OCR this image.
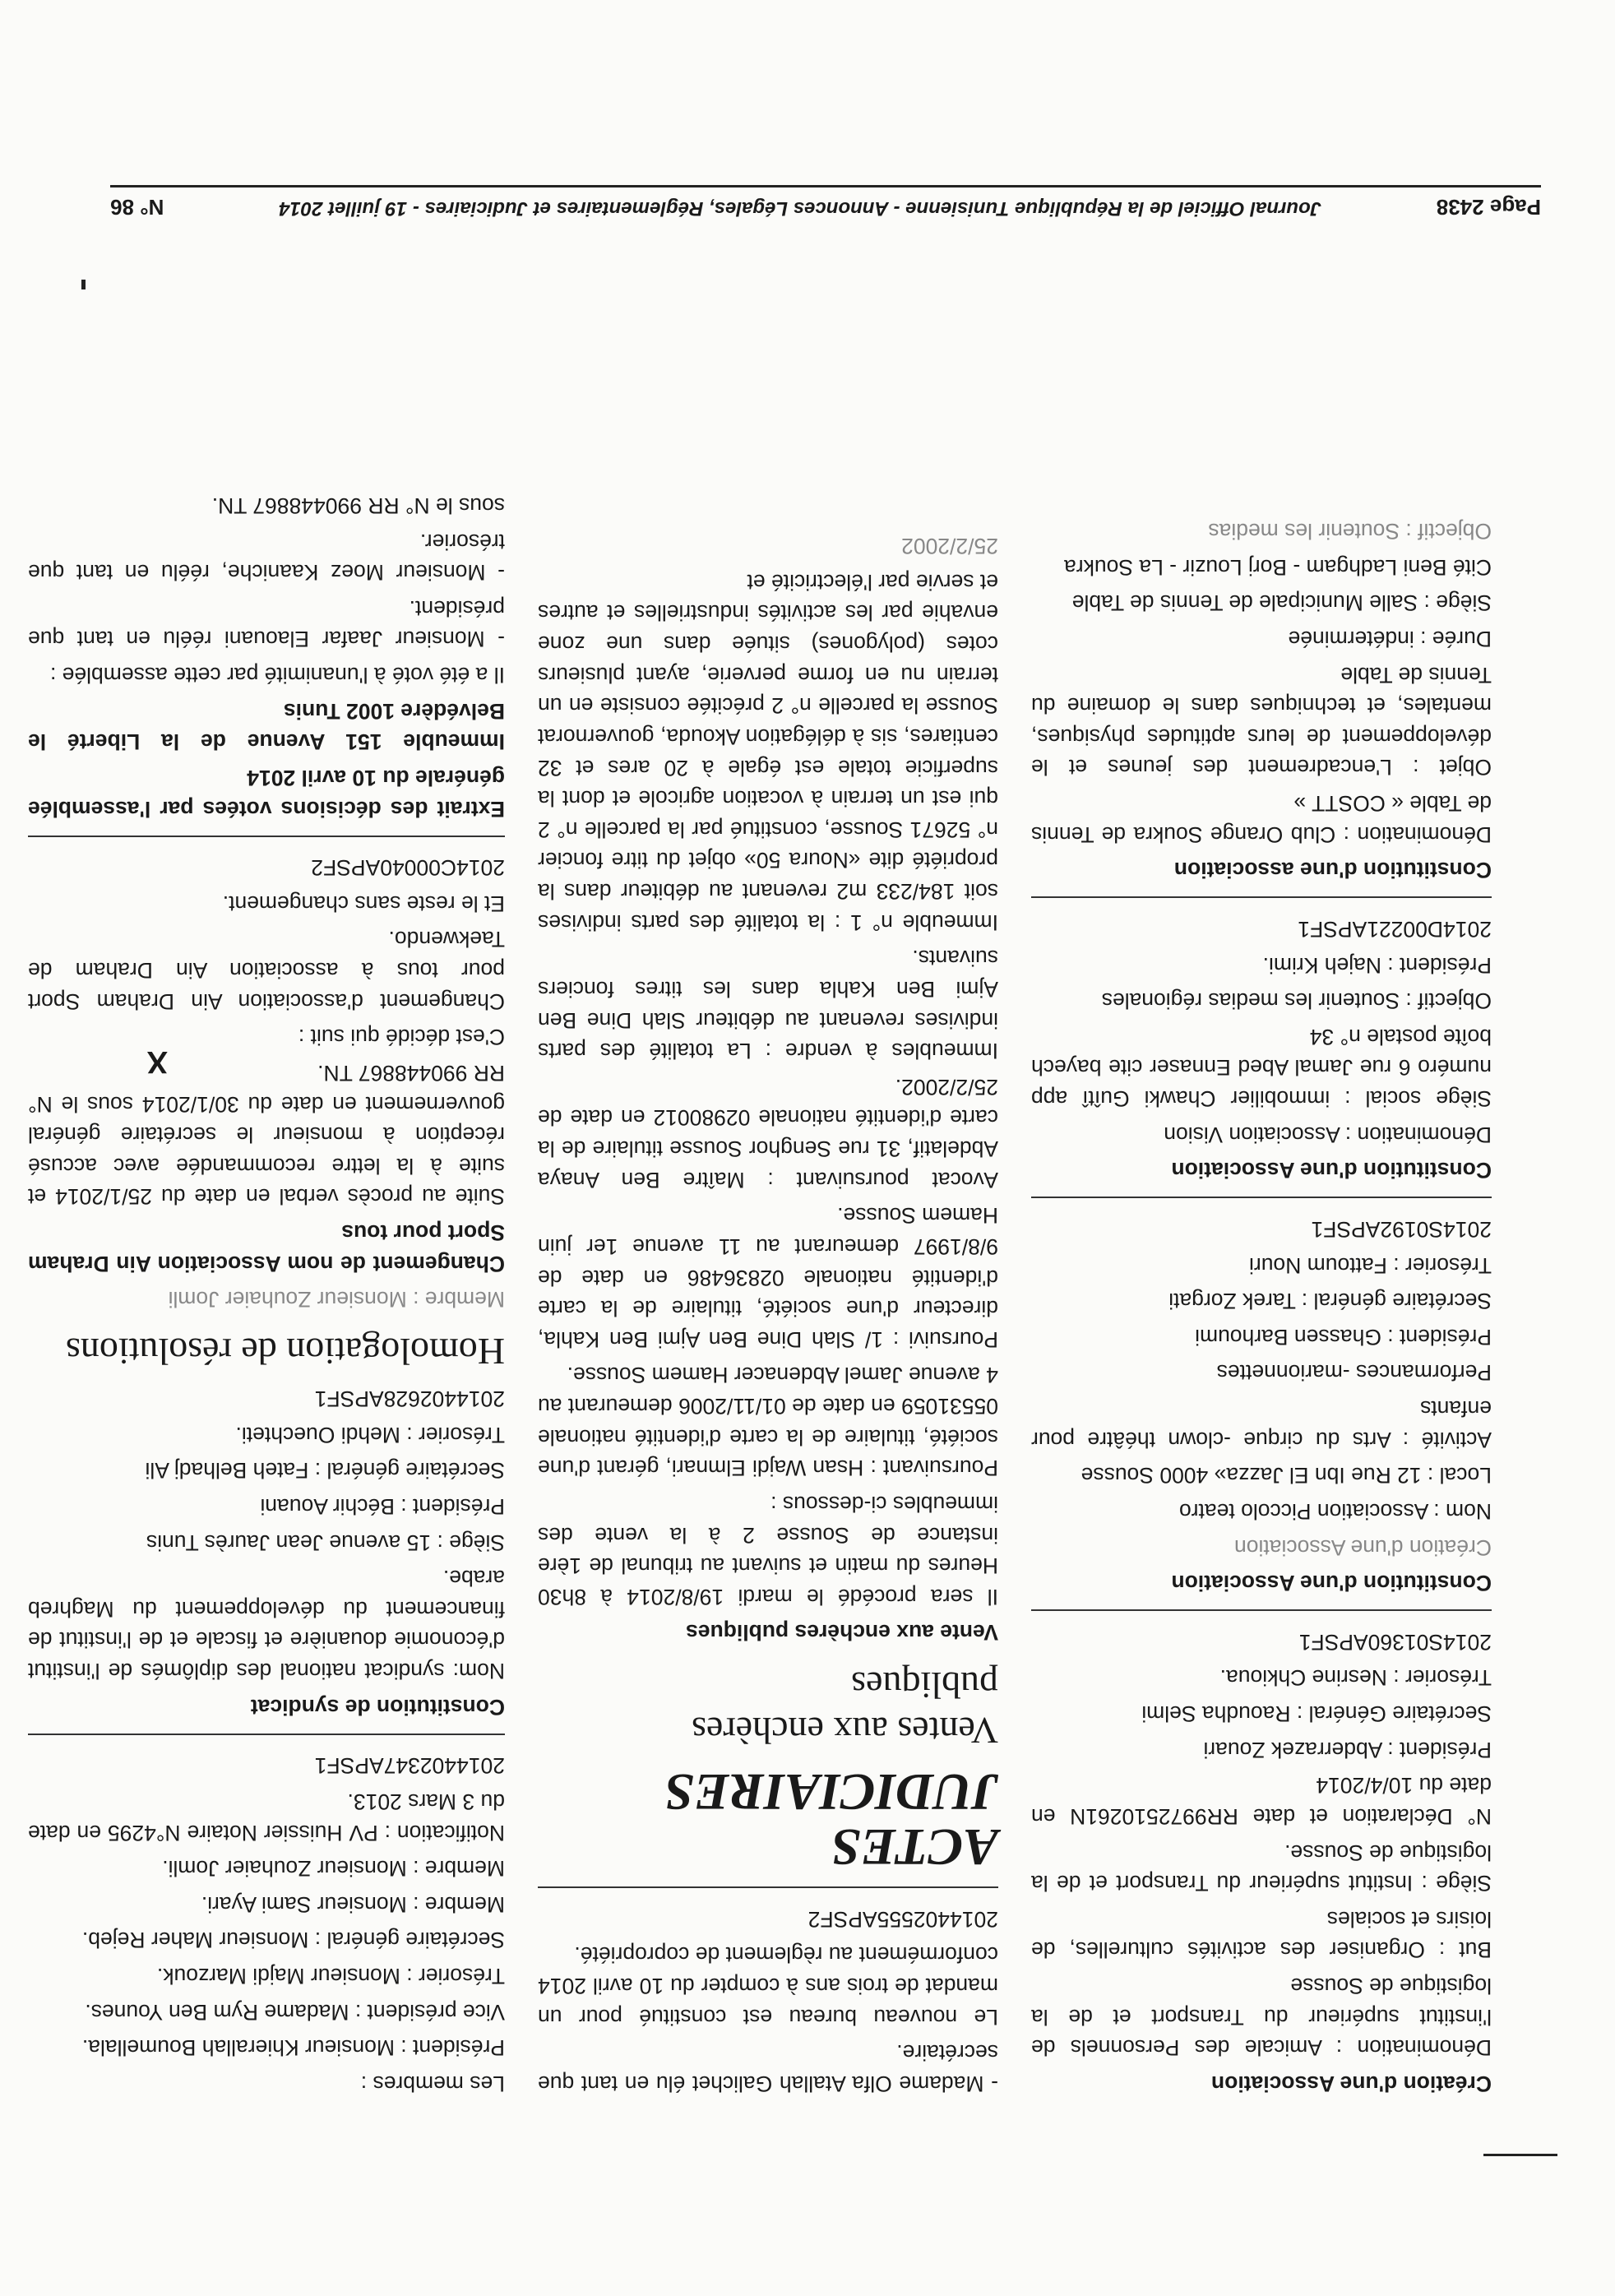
Page 2438
Journal Officiel de la République Tunisienne - Annonces Légales, Réglementaires et Judiciaires - 19 juillet 2014
N° 86

Création d'une Association

Dénomination : Amicale des Personnels de l'institut supérieur du Transport et de la logistique de Sousse

But : Organiser des activités culturelles, de loisirs et sociales

Siège : Institut supérieur du Transport et de la logistique de Sousse.

N° Déclaration et date RR9972510261N en date du 10/4/2014

Président : Abderrazek Zouari

Secrétaire Général : Raoudha Selmi

Trésorier : Nesrine Chkioua.

2014S01360APSF1

Constitution d'une Association

Création d'une Association

Nom : Association Piccolo teatro

Local : 12 Rue Ibn El Jazza» 4000 Sousse

Activité : Arts du cirque -clown théâtre pour enfants

Performances -marionnettes

Président : Ghassen Barhoumi

Secrétaire général : Tarek Zorgati

Trésorier : Fattoum Nouri

2014S0192APSF1

Constitution d'une Association

Dénomination : Association Vision

Siège social : immobilier Chawki Guîtî app numéro 6 rue Jamal Abed Ennaser cite bayech boîte postale n° 34

Objectif : Soutenir les medias régionales

Président : Najeh Krimi.

2014D00221APSF1

Constitution d'une association

Dénomination : Club Orange Soukra de Tennis de Table « COSTT »

Objet : L'encadrement des jeunes et le développement de leurs aptitudes physiques, mentales, et techniques dans le domaine du Tennis de Table

Durée : indéterminée

Siège : Salle Municipale de Tennis de Table

Cité Beni Ladhgam - Borj Louzir - La Soukra

Objectif : Soutenir les medias

- Madame Olfa Atallah Galichet élu en tant que secrétaire.

Le nouveau bureau est constitué pour un mandat de trois ans à compter du 10 avril 2014 conformément au règlement de copropriété.

2014402555APSF2

ACTES JUDICIAIRES
Ventes aux enchères publiques

Vente aux enchères publiques

Il sera procédé le mardi 19/8/2014 à 8h30 Heures du matin et suivant au tribunal de 1ère instance de Sousse 2 à la vente des immeubles ci-dessous :

Poursuivant : Hsan Wajdi Elmnari, gérant d'une société, titulaire de la carte d'identité nationale 05531059 en date de 01/11/2006 demeurant au 4 avenue Jamel Abdenacer Hamem Sousse.

Poursuivi : 1/ Slah Dine Ben Ajmi Ben Kahla, directeur d'une société, titulaire de la carte d'identité nationale 02836486 en date de 9/8/1997 demeurant au 11 avenue 1er juin Hamem Sousse.

Avocat poursuivant : Maître Ben Anaya Abdelatif, 31 rue Senghor Sousse titulaire de la carte d'identité nationale 02980012 en date de 25/2/2002.

Immeubles à vendre : La totalité des parts indivises revenant au débiteur Slah Dine Ben Ajmi Ben Kahla dans les titres fonciers suivants.

Immeuble n° 1 : la totalité des parts indivises soit 184/233 m2 revenant au débiteur dans la propriété dite «Noura 50» objet du titre foncier n° 52671 Sousse, constitué par la parcelle n° 2 qui est un terrain à vocation agricole et dont la superficie totale est égale à 20 ares et 32 centiares, sis à délégation Akouda, gouvernorat Sousse la parcelle n° 2 précitée consiste en un terrain nu en forme perverie, ayant plusieurs cotes (polygones) située dans une zone envahie par les activités industrielles et autres et servie par l'électricité et

25/2/2002

Les membres :

Président : Monsieur Khierallah Boumellala.

Vice président : Madame Rym Ben Younes.

Trésorier : Monsieur Majdi Marzouk.

Secrétaire général : Monsieur Maher Rejeb.

Membre : Monsieur Sami Ayari.

Membre : Monsieur Zouhaier Jomli.

Notification : PV Huissier Notaire N°4295 en date du 3 Mars 2013.

2014402347APSF1

Constitution de syndicat

Nom: syndicat national des diplômés de l'institut d'économie douanière et fiscale et de l'institut de financement du développement du Maghreb arabe.

Siège : 15 avenue Jean Jaurès Tunis

Président : Béchir Aouani

Secrétaire général : Fateh Belhadj Ali

Trésorier : Mehdi Ouechteti.

2014402628APSF1

Homologation de résolutions

Membre : Monsieur Zouhaier Jomli

Changement de nom Association Ain Draham Sport pour tous

Suite au procès verbal en date du 25/1/2014 et suite à la lettre recommandée avec accusé réception à monsieur le secrétaire général gouvernement en date du 30/1/2014 sous le N° RR 990448867 TN.

C'est décidé qui suit :

Changement d'association Ain Draham Sport pour tous à association Ain Draham de Taekwendo.

Et le reste sans changement.

2014C00040APSF2

Extrait des décisions votées par l'assemblée générale du 10 avril 2014

Immeuble 151 Avenue de la Liberté le Belvédère 1002 Tunis

Il a été voté à l'unanimité par cette assemblée :

- Monsieur Jaafar Elaouani réélu en tant que président.

- Monsieur Moez Kaaniche, réélu en tant que trésorier.

sous le N° RR 990448867 TN.

X
